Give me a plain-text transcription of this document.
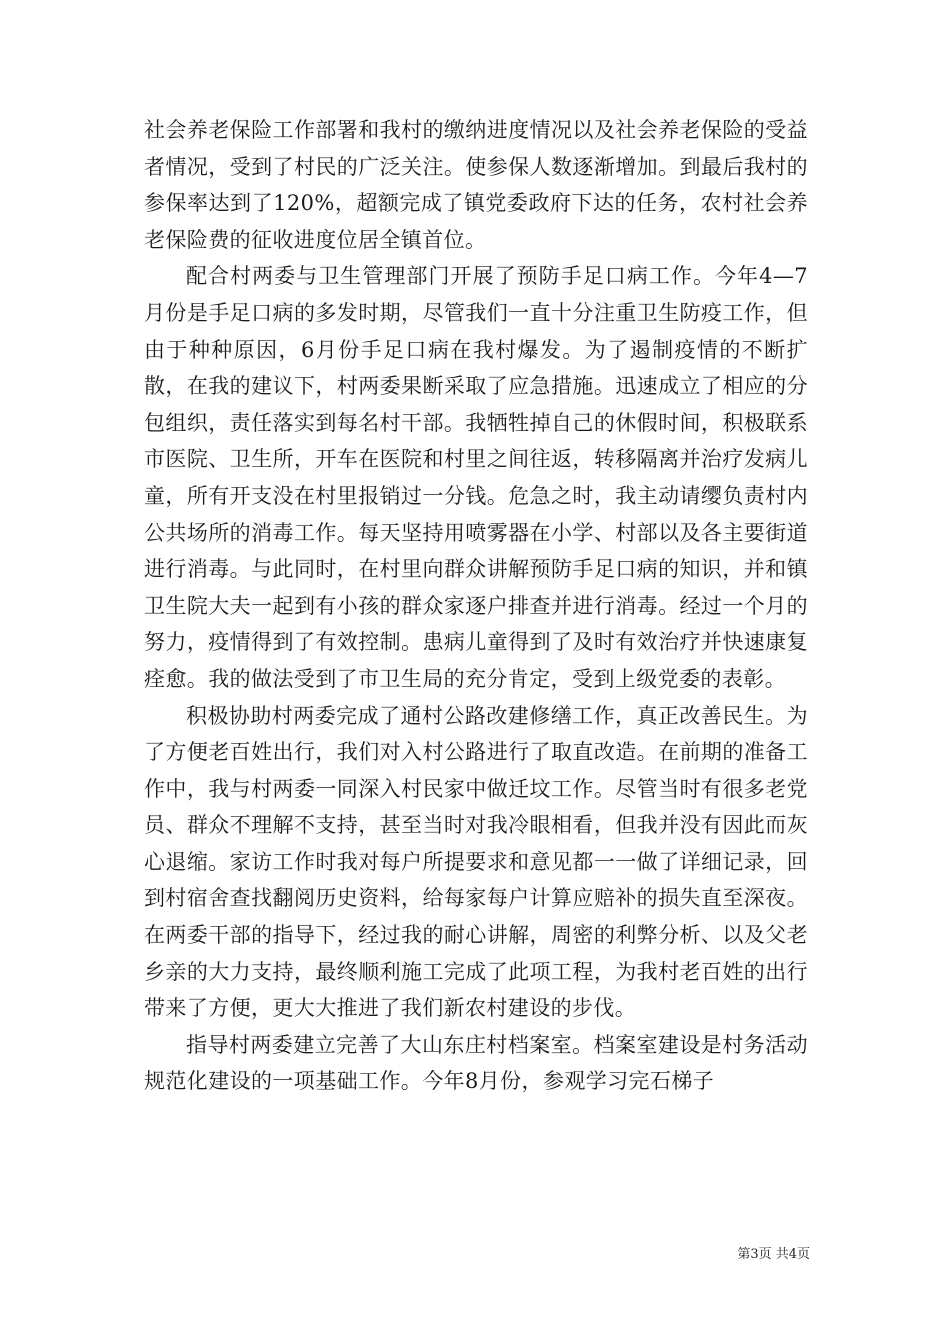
社会养老保险工作部署和我村的缴纳进度情况以及社会养老保险的受益者情况，受到了村民的广泛关注。使参保人数逐渐增加。到最后我村的参保率达到了120%，超额完成了镇党委政府下达的任务，农村社会养老保险费的征收进度位居全镇首位。

配合村两委与卫生管理部门开展了预防手足口病工作。今年4—7月份是手足口病的多发时期，尽管我们一直十分注重卫生防疫工作，但由于种种原因，6月份手足口病在我村爆发。为了遏制疫情的不断扩散，在我的建议下，村两委果断采取了应急措施。迅速成立了相应的分包组织，责任落实到每名村干部。我牺牲掉自己的休假时间，积极联系市医院、卫生所，开车在医院和村里之间往返，转移隔离并治疗发病儿童，所有开支没在村里报销过一分钱。危急之时，我主动请缨负责村内公共场所的消毒工作。每天坚持用喷雾器在小学、村部以及各主要街道进行消毒。与此同时，在村里向群众讲解预防手足口病的知识，并和镇卫生院大夫一起到有小孩的群众家逐户排查并进行消毒。经过一个月的努力，疫情得到了有效控制。患病儿童得到了及时有效治疗并快速康复痊愈。我的做法受到了市卫生局的充分肯定，受到上级党委的表彰。

积极协助村两委完成了通村公路改建修缮工作，真正改善民生。为了方便老百姓出行，我们对入村公路进行了取直改造。在前期的准备工作中，我与村两委一同深入村民家中做迁坟工作。尽管当时有很多老党员、群众不理解不支持，甚至当时对我冷眼相看，但我并没有因此而灰心退缩。家访工作时我对每户所提要求和意见都一一做了详细记录，回到村宿舍查找翻阅历史资料，给每家每户计算应赔补的损失直至深夜。在两委干部的指导下，经过我的耐心讲解，周密的利弊分析、以及父老乡亲的大力支持，最终顺利施工完成了此项工程，为我村老百姓的出行带来了方便，更大大推进了我们新农村建设的步伐。

指导村两委建立完善了大山东庄村档案室。档案室建设是村务活动规范化建设的一项基础工作。今年8月份，参观学习完石梯子

第3页 共4页
